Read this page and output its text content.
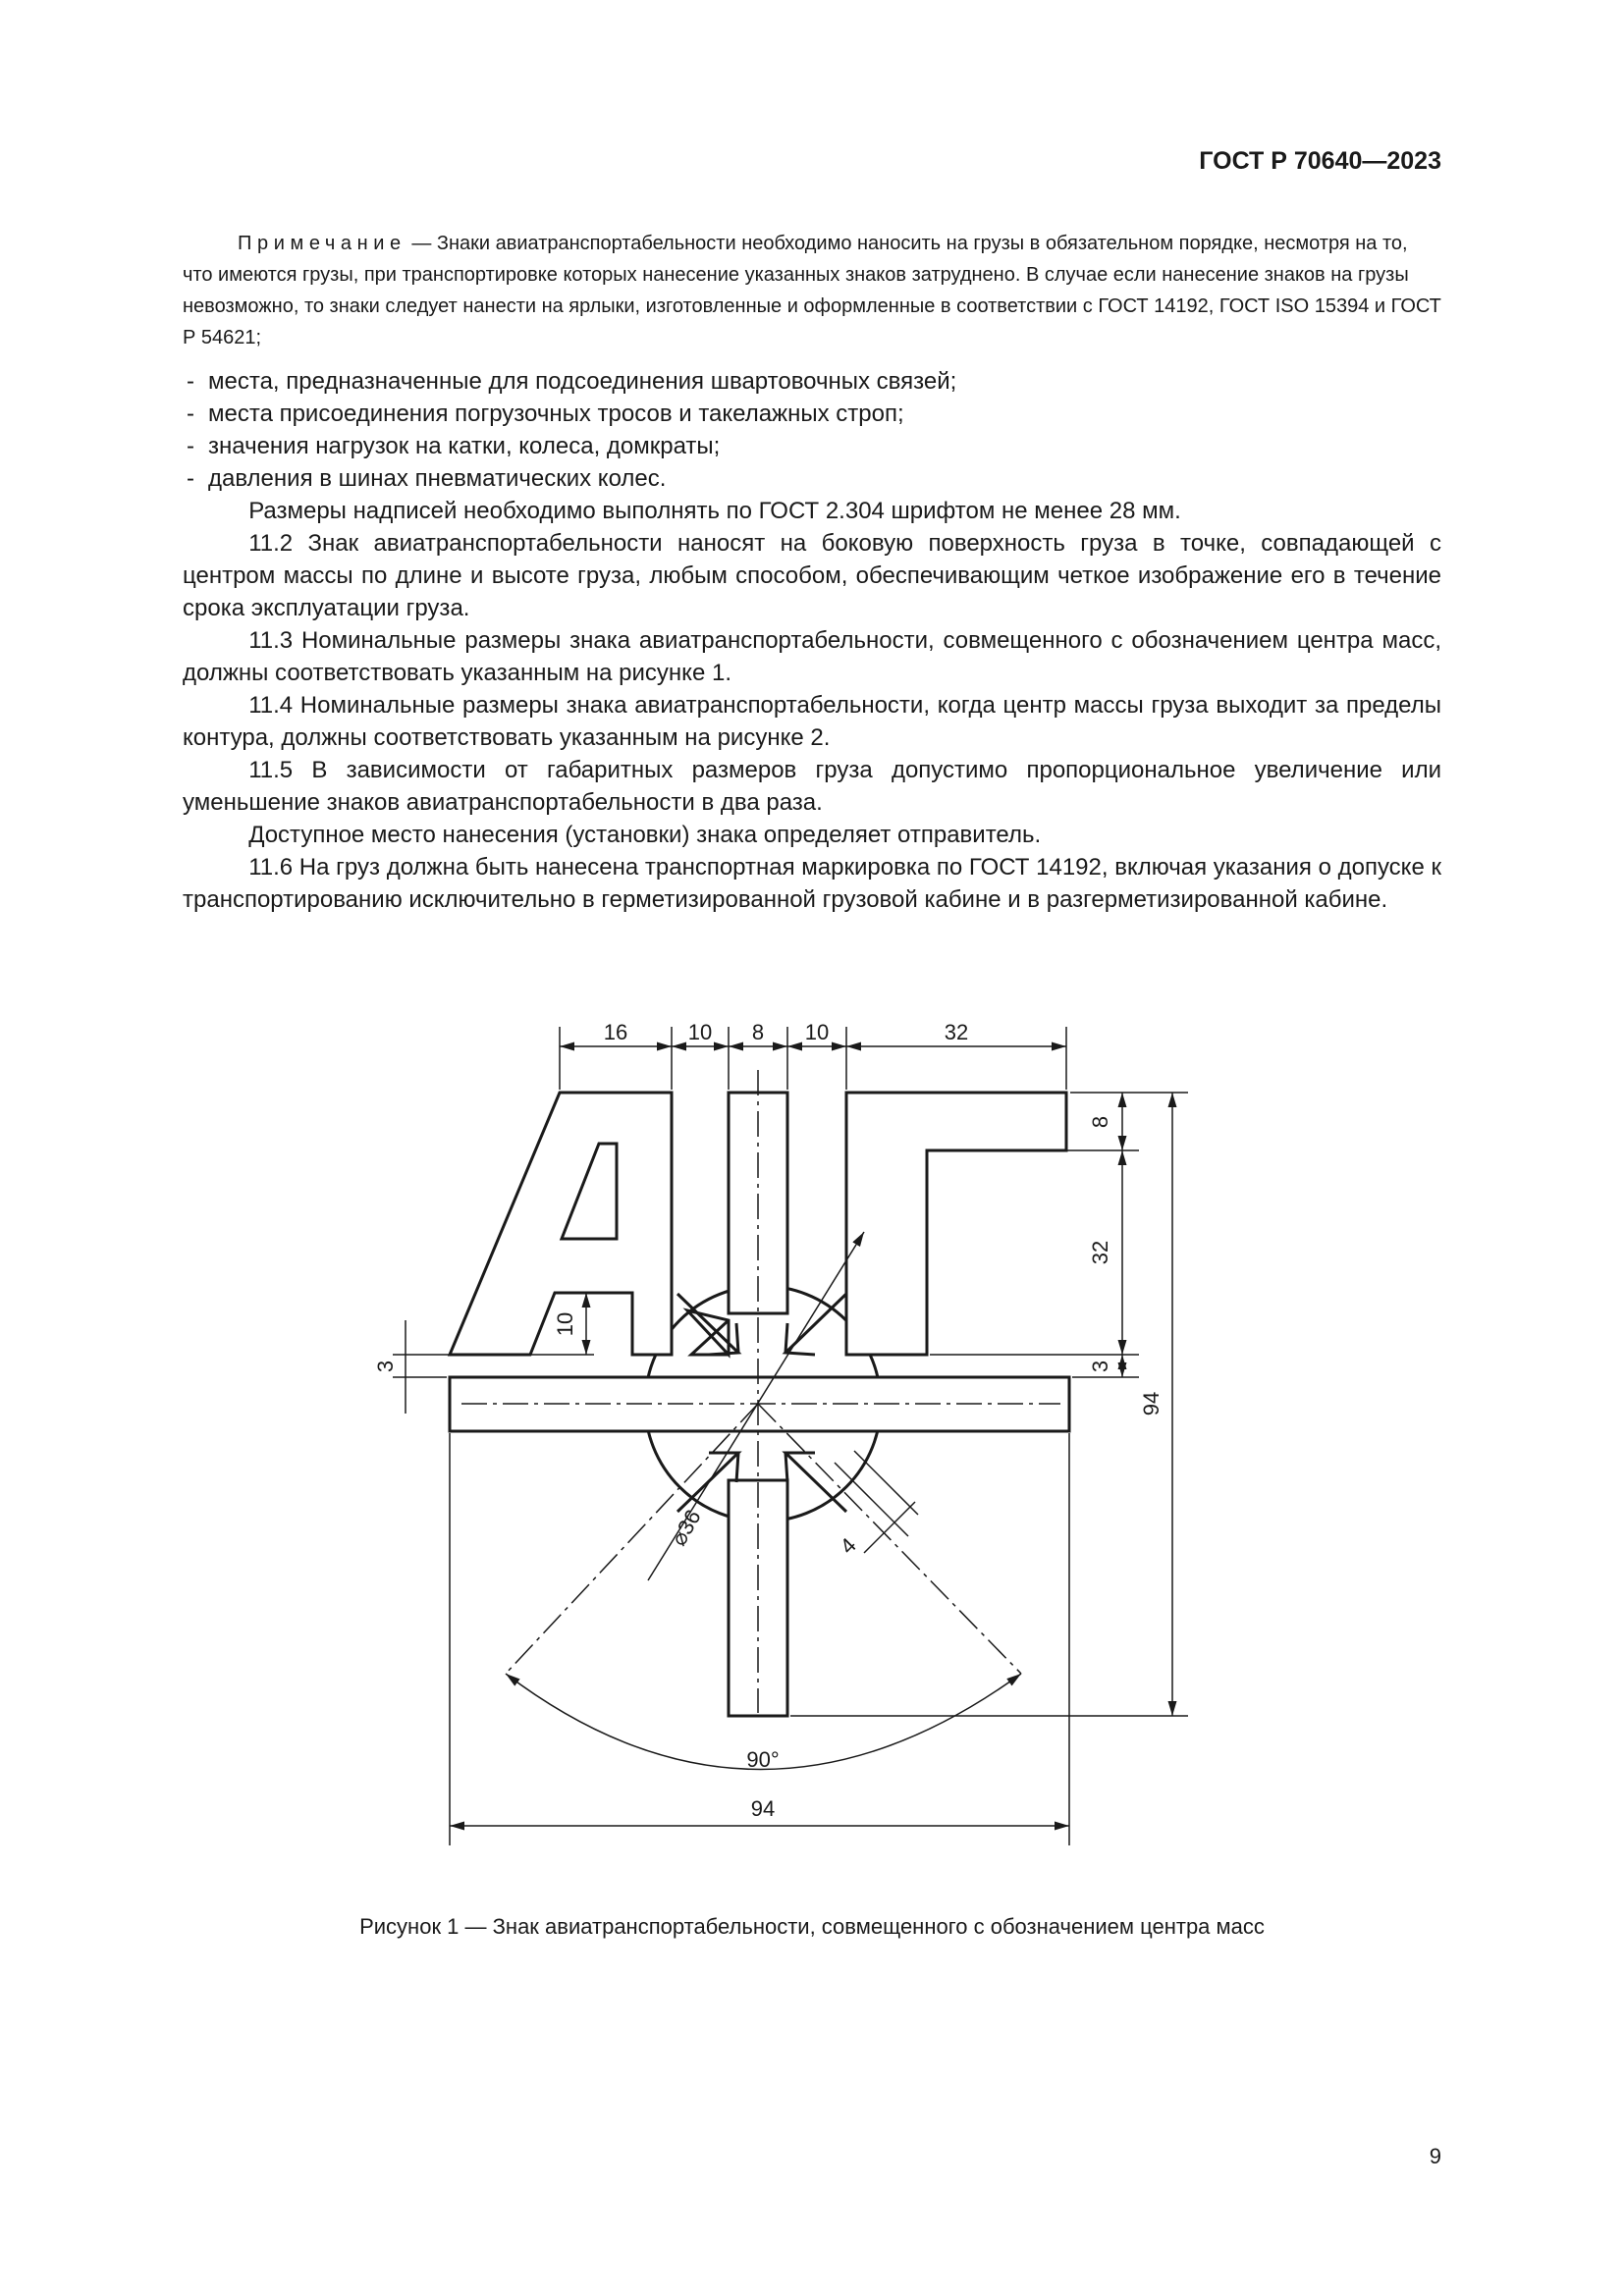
ГОСТ Р 70640—2023

Примечание — Знаки авиатранспортабельности необходимо наносить на грузы в обязательном порядке, несмотря на то, что имеются грузы, при транспортировке которых нанесение указанных знаков затруднено. В случае если нанесение знаков на грузы невозможно, то знаки следует нанести на ярлыки, изготовленные и оформленные в соответствии с ГОСТ 14192, ГОСТ ISO 15394 и ГОСТ Р 54621;

- места, предназначенные для подсоединения швартовочных связей;
- места присоединения погрузочных тросов и такелажных строп;
- значения нагрузок на катки, колеса, домкраты;
- давления в шинах пневматических колес.

Размеры надписей необходимо выполнять по ГОСТ 2.304 шрифтом не менее 28 мм.

11.2 Знак авиатранспортабельности наносят на боковую поверхность груза в точке, совпадающей с центром массы по длине и высоте груза, любым способом, обеспечивающим четкое изображение его в течение срока эксплуатации груза.

11.3 Номинальные размеры знака авиатранспортабельности, совмещенного с обозначением центра масс, должны соответствовать указанным на рисунке 1.

11.4 Номинальные размеры знака авиатранспортабельности, когда центр массы груза выходит за пределы контура, должны соответствовать указанным на рисунке 2.

11.5 В зависимости от габаритных размеров груза допустимо пропорциональное увеличение или уменьшение знаков авиатранспортабельности в два раза.

Доступное место нанесения (установки) знака определяет отправитель.

11.6 На груз должна быть нанесена транспортная маркировка по ГОСТ 14192, включая указания о допуске к транспортированию исключительно в герметизированной грузовой кабине и в разгерметизированной кабине.

16	10 8 10	32
8
32
3
94
3
10
⌀36	4
90°
94
Рисунок 1 — Знак авиатранспортабельности, совмещенного с обозначением центра масс
9
